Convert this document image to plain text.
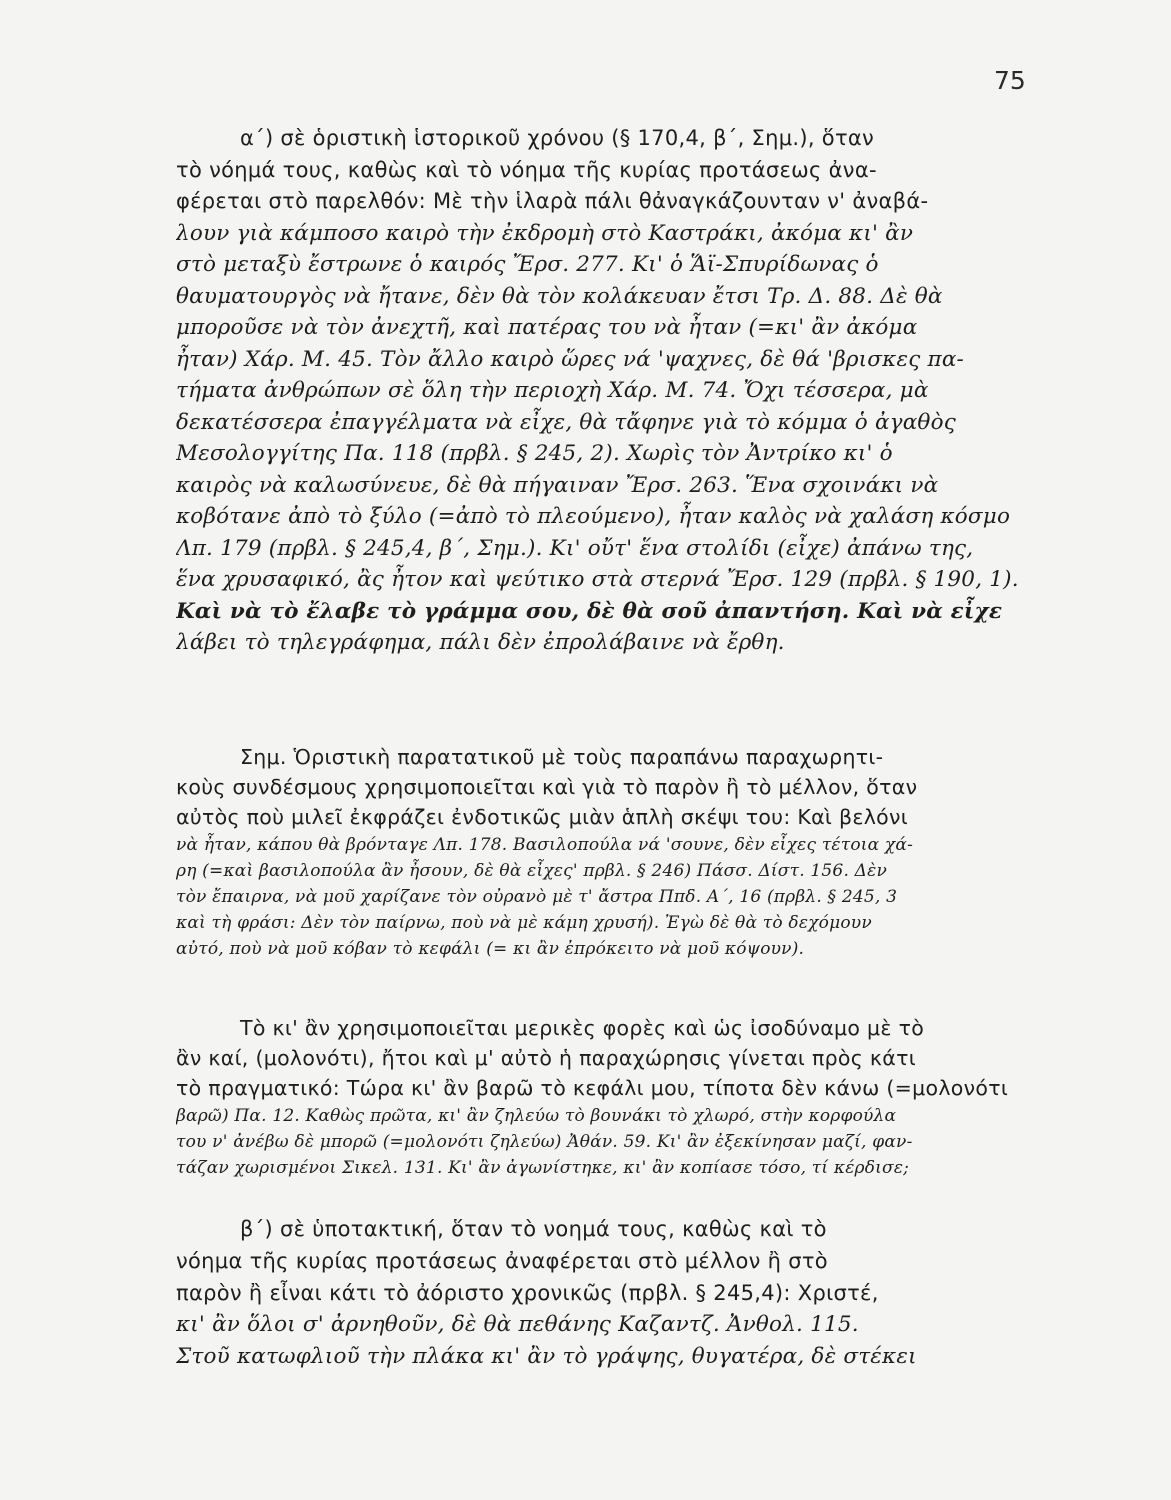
75
α΄) σὲ ὁριστικὴ ἱστορικοῦ χρόνου (§ 170,4, β΄, Σημ.), ὅταν
τὸ νόημά τους, καθὼς καὶ τὸ νόημα τῆς κυρίας προτάσεως ἀνα-
φέρεται στὸ παρελθόν: Μὲ τὴν ἱλαρὰ πάλι θἀναγκάζουνταν ν' ἀναβά-
λουν γιὰ κάμποσο καιρὸ τὴν ἐκδρομὴ στὸ Καστράκι, ἀκόμα κι' ἂν
στὸ μεταξὺ ἔστρωνε ὁ καιρός Ἔρσ. 277. Κι' ὁ Ἅϊ-Σπυρίδωνας ὁ
θαυματουργὸς νὰ ἤτανε, δὲν θὰ τὸν κολάκευαν ἔτσι Τρ. Δ. 88. Δὲ θὰ
μποροῦσε νὰ τὸν ἀνεχτῆ, καὶ πατέρας του νὰ ἦταν (=κι' ἂν ἀκόμα
ἦταν) Χάρ. Μ. 45. Τὸν ἄλλο καιρὸ ὥρες νά 'ψαχνες, δὲ θά 'βρισκες πα-
τήματα ἀνθρώπων σὲ ὅλη τὴν περιοχὴ Χάρ. Μ. 74. Ὄχι τέσσερα, μὰ
δεκατέσσερα ἐπαγγέλματα νὰ εἶχε, θὰ τἄφηνε γιὰ τὸ κόμμα ὁ ἀγαθὸς
Μεσολογγίτης Πα. 118 (πρβλ. § 245, 2). Χωρὶς τὸν Ἀντρίκο κι' ὁ
καιρὸς νὰ καλωσύνευε, δὲ θὰ πήγαιναν Ἔρσ. 263. Ἕνα σχοινάκι νὰ
κοβότανε ἀπὸ τὸ ξύλο (=ἀπὸ τὸ πλεούμενο), ἦταν καλὸς νὰ χαλάση κόσμο
Λπ. 179 (πρβλ. § 245,4, β΄, Σημ.). Κι' οὔτ' ἕνα στολίδι (εἶχε) ἀπάνω της,
ἕνα χρυσαφικό, ἂς ἦτον καὶ ψεύτικο στὰ στερνά Ἔρσ. 129 (πρβλ. § 190, 1).
Καὶ νὰ τὸ ἔλαβε τὸ γράμμα σου, δὲ θὰ σοῦ ἀπαντήση. Καὶ νὰ εἶχε
λάβει τὸ τηλεγράφημα, πάλι δὲν ἐπρολάβαινε νὰ ἔρθη.
Σημ. Ὁριστικὴ παρατατικοῦ μὲ τοὺς παραπάνω παραχωρητι-
κοὺς συνδέσμους χρησιμοποιεῖται καὶ γιὰ τὸ παρὸν ἢ τὸ μέλλον, ὅταν
αὐτὸς ποὺ μιλεῖ ἐκφράζει ἐνδοτικῶς μιὰν ἁπλὴ σκέψι του: Καὶ βελόνι
νὰ ἦταν, κάπου θὰ βρόνταγε Λπ. 178. Βασιλοπούλα νά 'σουνε, δὲν εἶχες τέτοια χά-
ρη (=καὶ βασιλοπούλα ἂν ἦσουν, δὲ θὰ εἶχες' πρβλ. § 246) Πάσσ. Δίστ. 156. Δὲν
τὸν ἔπαιρνα, νὰ μοῦ χαρίζανε τὸν οὐρανὸ μὲ τ' ἄστρα Ππδ. Α΄, 16 (πρβλ. § 245, 3
καὶ τὴ φράσι: Δὲν τὸν παίρνω, ποὺ νὰ μὲ κάμη χρυσή). Ἐγὼ δὲ θὰ τὸ δεχόμουν
αὐτό, ποὺ νὰ μοῦ κόβαν τὸ κεφάλι (= κι ἂν ἐπρόκειτο νὰ μοῦ κόψουν).
Τὸ κι' ἂν χρησιμοποιεῖται μερικὲς φορὲς καὶ ὡς ἰσοδύναμο μὲ τὸ
ἂν καί, (μολονότι), ἤτοι καὶ μ' αὐτὸ ἡ παραχώρησις γίνεται πρὸς κάτι
τὸ πραγματικό: Τώρα κι' ἂν βαρῶ τὸ κεφάλι μου, τίποτα δὲν κάνω (=μολονότι
βαρῶ) Πα. 12. Καθὼς πρῶτα, κι' ἂν ζηλεύω τὸ βουνάκι τὸ χλωρό, στὴν κορφούλα
του ν' ἀνέβω δὲ μπορῶ (=μολονότι ζηλεύω) Ἀθάν. 59. Κι' ἂν ἐξεκίνησαν μαζί, φαν-
τάζαν χωρισμένοι Σικελ. 131. Κι' ἂν ἀγωνίστηκε, κι' ἂν κοπίασε τόσο, τί κέρδισε;
β΄) σὲ ὑποτακτική, ὅταν τὸ νοημά τους, καθὼς καὶ τὸ
νόημα τῆς κυρίας προτάσεως ἀναφέρεται στὸ μέλλον ἢ στὸ
παρὸν ἢ εἶναι κάτι τὸ ἀόριστο χρονικῶς (πρβλ. § 245,4): Χριστέ,
κι' ἂν ὅλοι σ' ἀρνηθοῦν, δὲ θὰ πεθάνης Καζαντζ. Ἀνθολ. 115.
Στοῦ κατωφλιοῦ τὴν πλάκα κι' ἂν τὸ γράψης, θυγατέρα, δὲ στέκει
